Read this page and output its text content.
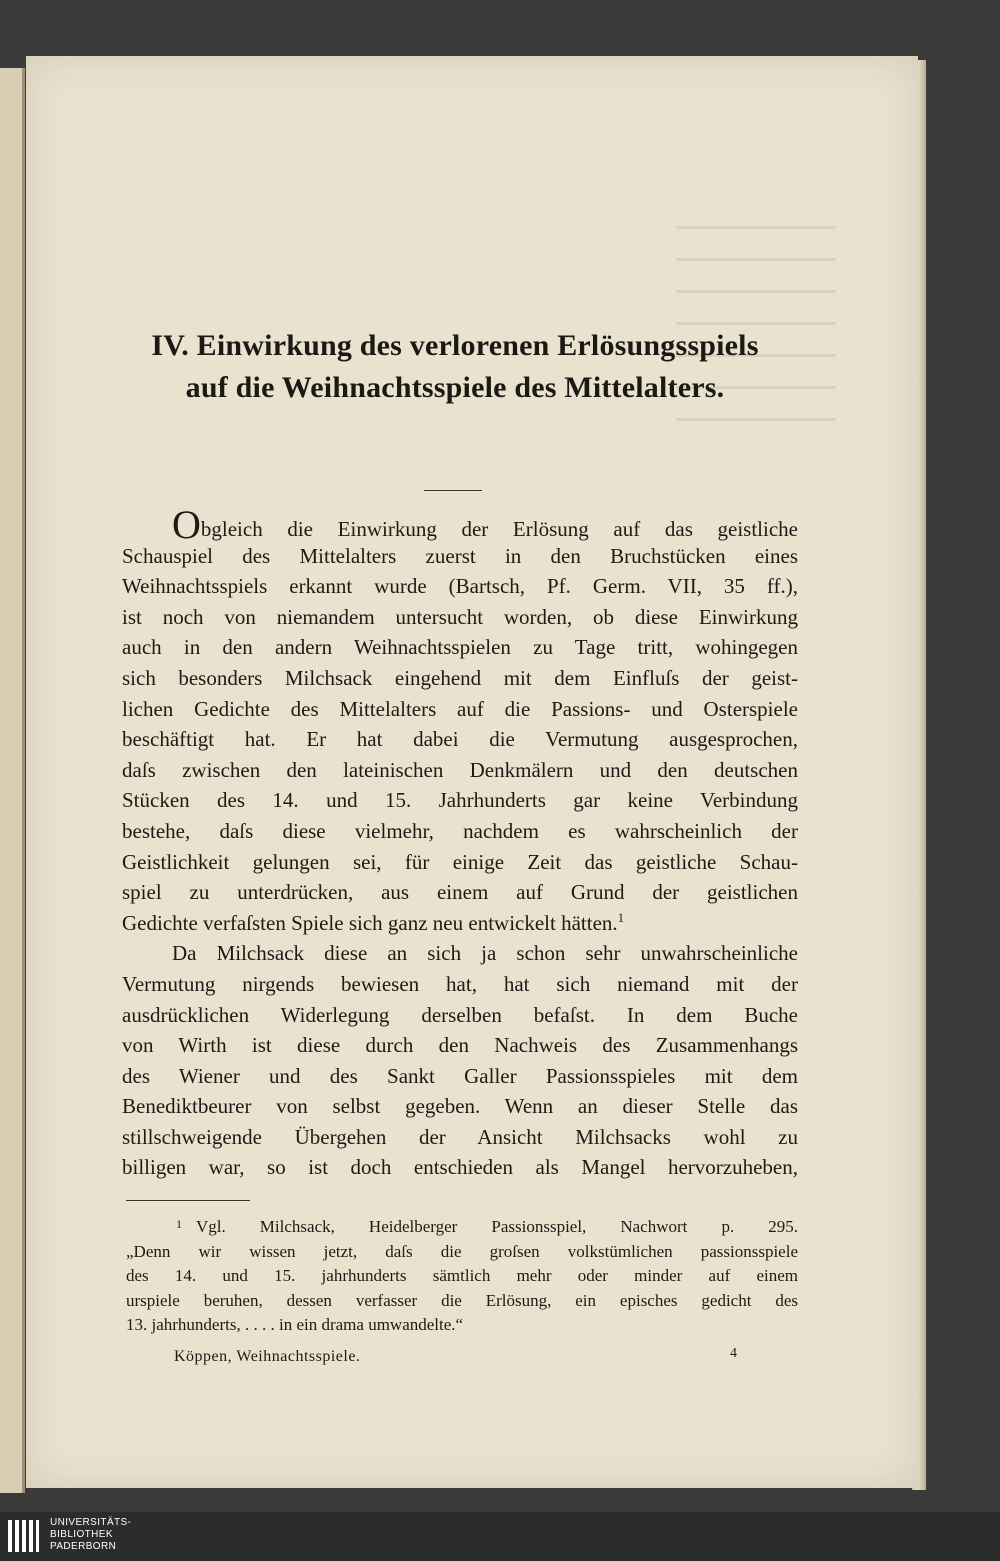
IV. Einwirkung des verlorenen Erlösungsspiels
auf die Weihnachtsspiele des Mittelalters.
Obgleich die Einwirkung der Erlösung auf das geistliche
Schauspiel des Mittelalters zuerst in den Bruchstücken eines
Weihnachtsspiels erkannt wurde (Bartsch, Pf. Germ. VII, 35 ff.),
ist noch von niemandem untersucht worden, ob diese Einwirkung
auch in den andern Weihnachtsspielen zu Tage tritt, wohingegen
sich besonders Milchsack eingehend mit dem Einfluſs der geist-
lichen Gedichte des Mittelalters auf die Passions- und Osterspiele
beschäftigt hat. Er hat dabei die Vermutung ausgesprochen,
daſs zwischen den lateinischen Denkmälern und den deutschen
Stücken des 14. und 15. Jahrhunderts gar keine Verbindung
bestehe, daſs diese vielmehr, nachdem es wahrscheinlich der
Geistlichkeit gelungen sei, für einige Zeit das geistliche Schau-
spiel zu unterdrücken, aus einem auf Grund der geistlichen
Gedichte verfaſsten Spiele sich ganz neu entwickelt hätten.$^1$
Da Milchsack diese an sich ja schon sehr unwahrscheinliche
Vermutung nirgends bewiesen hat, hat sich niemand mit der
ausdrücklichen Widerlegung derselben befaſst. In dem Buche
von Wirth ist diese durch den Nachweis des Zusammenhangs
des Wiener und des Sankt Galler Passionsspieles mit dem
Benediktbeurer von selbst gegeben. Wenn an dieser Stelle das
stillschweigende Übergehen der Ansicht Milchsacks wohl zu
billigen war, so ist doch entschieden als Mangel hervorzuheben,
$^1$ Vgl. Milchsack, Heidelberger Passionsspiel, Nachwort p. 295.
„Denn wir wissen jetzt, daſs die groſsen volkstümlichen passionsspiele
des 14. und 15. jahrhunderts sämtlich mehr oder minder auf einem
urspiele beruhen, dessen verfasser die Erlösung, ein episches gedicht des
13. jahrhunderts, . . . . in ein drama umwandelte.“
Köppen, Weihnachtsspiele.	4
UNIVERSITÄTS-
BIBLIOTHEK
PADERBORN
